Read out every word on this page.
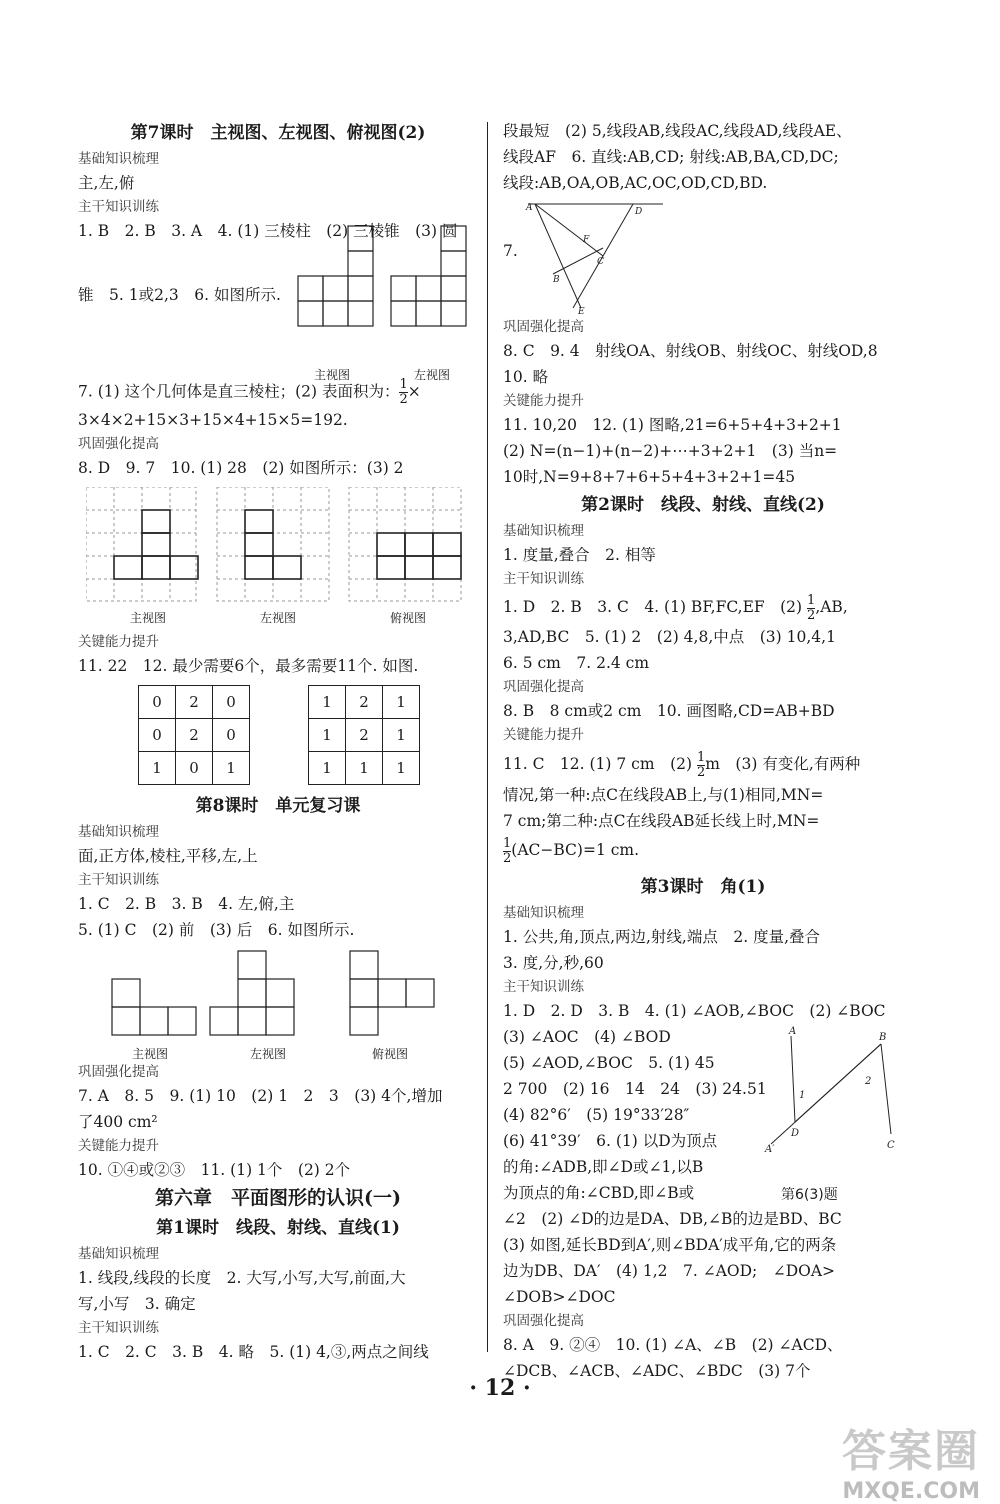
第7课时　主视图、左视图、俯视图(2)
基础知识梳理
主,左,俯
主干知识训练
1. B　2. B　3. A　4. (1) 三棱柱　(2) 三棱锥　(3) 圆
锥　5. 1或2,3　6. 如图所示.
主视图	左视图
7. (1) 这个几何体是直三棱柱；(2) 表面积为： $\frac{1}{2}$ ×
3×4×2+15×3+15×4+15×5=192.
巩固强化提高
8. D　9. 7　10. (1) 28　(2) 如图所示：(3) 2
主视图	左视图	俯视图
关键能力提升
11. 22　12. 最少需要6个，最多需要11个. 如图.
0	2	0
0	2	0
1	0	1
1	2	1
1	2	1
1	1	1
第8课时　单元复习课
基础知识梳理
面,正方体,棱柱,平移,左,上
主干知识训练
1. C　2. B　3. B　4. 左,俯,主
5. (1) C　(2) 前　(3) 后　6. 如图所示.
主视图	左视图	俯视图
巩固强化提高
7. A　8. 5　9. (1) 10　(2) 1　2　3　(3) 4个,增加
了400 cm²
关键能力提升
10. ①④或②③　11. (1) 1个　(2) 2个
第六章　平面图形的认识(一)
第1课时　线段、射线、直线(1)
基础知识梳理
1. 线段,线段的长度　2. 大写,小写,大写,前面,大
写,小写　3. 确定
主干知识训练
1. C　2. C　3. B　4. 略　5. (1) 4,③,两点之间线
段最短　(2) 5,线段AB,线段AC,线段AD,线段AE、
线段AF　6. 直线:AB,CD; 射线:AB,BA,CD,DC;
线段:AB,OA,OB,AC,OC,OD,CD,BD.
7.
A	D
F
B
C
E
巩固强化提高
8. C　9. 4　射线OA、射线OB、射线OC、射线OD,8
10. 略
关键能力提升
11. 10,20　12. (1) 图略,21=6+5+4+3+2+1
(2) N=(n−1)+(n−2)+⋯+3+2+1　(3) 当n=
10时,N=9+8+7+6+5+4+3+2+1=45
第2课时　线段、射线、直线(2)
基础知识梳理
1. 度量,叠合　2. 相等
主干知识训练
1. D　2. B　3. C　4. (1) BF,FC,EF　$(2) \frac{1}{2} ,AB$,
3,AD,BC　5. (1) 2　(2) 4,8,中点　(3) 10,4,1
6. 5 cm　7. 2.4 cm
巩固强化提高
8. B　8 cm或2 cm　10. 画图略,CD=AB+BD
关键能力提升
11. C　12. (1) 7 cm　$(2) \frac{1}{2}$ m　(3) 有变化,有两种
情况,第一种:点C在线段AB上,与(1)相同,MN=
7 cm;第二种:点C在线段AB延长线上时,MN=
$\frac{1}{2} (AC-BC)=1$ cm.
第3课时　角(1)
基础知识梳理
1. 公共,角,顶点,两边,射线,端点　2. 度量,叠合
3. 度,分,秒,60
主干知识训练
1. D　2. D　3. B　4. (1) ∠AOB,∠BOC　(2) ∠BOC
(3) ∠AOC　(4) ∠BOD
(5) ∠AOD,∠BOC　5. (1) 45
2 700　(2) 16　14　24　(3) 24.51
(4) 82°6′　(5) 19°33′28″
(6) 41°39′　6. (1) 以D为顶点
的角:∠ADB,即∠D或∠1,以B
为顶点的角:∠CBD,即∠B或
A
B
1
2
D
C
A′
第6(3)题
∠2　(2) ∠D的边是DA、DB,∠B的边是BD、BC
(3) 如图,延长BD到A′,则∠BDA′成平角,它的两条
边为DB、DA′　(4) 1,2　7. ∠AOD;　∠DOA>
∠DOB>∠DOC
巩固强化提高
8. A　9. ②④　10. (1) ∠A、∠B　(2) ∠ACD、
∠DCB、∠ACB、∠ADC、∠BDC　(3) 7个
· 12 ·
答案圈
MXQE.COM
